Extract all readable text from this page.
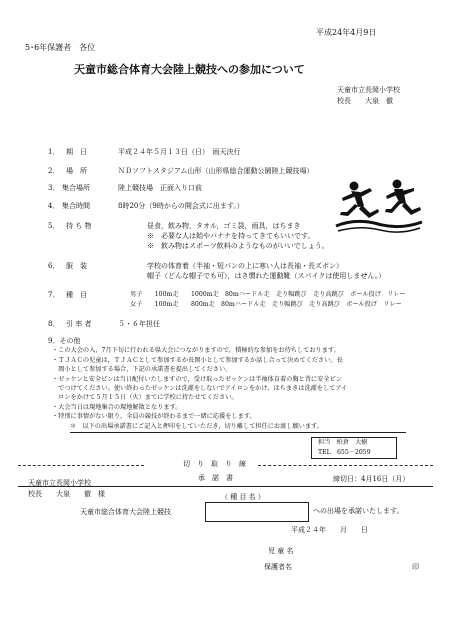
平成24年4月9日
5･6年保護者　各位
天童市総合体育大会陸上競技への参加について
天童市立長岡小学校
校長　　大泉　徹
1． 期　日	平成２４年５月１３日（日）　雨天決行
2． 場　所	ＮＤソフトスタジアム山形（山形県総合運動公園陸上競技場）
3． 集合場所	陸上競技場　正面入り口前
4． 集合時間	8時20分（9時からの開会式に出ます。）
5． 持 ち 物	昼食，飲み物，タオル，ゴミ袋，雨具，はちまき
※　必要な人は飴やバナナを持ってきてもいいです。
※　飲み物はスポーツ飲料のようなものがいいでしょう。
6． 服　装	学校の体育着（半袖・短パンの上に寒い人は長袖・長ズボン）
帽子（どんな帽子でも可），はき慣れた運動靴（スパイクは使用しません。）
7． 種　目	男子　　100m走　　1000m走　80mハードル走　走り幅跳び　走り高跳び　ボール投げ　リレー
女子　　100m走　　800m走　80mハードル走　走り幅跳び　走り高跳び　ボール投げ　リレー
8． 引 率 者	５・６年担任
9．その他
・この大会の入，7月下旬に行われる県大会につながりますので，積極的な参加をお待ちしております。
・ＴＪＡＣの児童は，ＴＪＡＣとして参加するか長岡小として参加するか話し合って決めてください。長
　岡小として参加する場合，下記の承諾書を提出してください。
・ゼッケンと安全ピンは当日配付いたしますので，受け取ったゼッケンは半袖体育着の胸と背に安全ピン
　でつけてください。使い終わったゼッケンは洗濯をしないでアイロンをかけ，はちまきは洗濯をしてアイ
　ロンをかけて５月１５日（火）までに学校に持たせてください。
・大会当日は現地集合の現地解散となります。
・特別に事情がない限り，全員の競技が終わるまで一緒に応援をします。
＊　以下の出場承諾書にご記入と押印をしていただき，切り離して担任にお渡し願います。
担当　柏倉　大樹
TEL　655－2059
切　り　取　り　線
承　諾　書	締切日：4月16日（月）
天童市立長岡小学校
校長　　大泉　　徹　様	（ 種 目 名 ）
天童市総合体育大会陸上競技	への出場を承諾いたします。
平成２４年　　月　　日
児 童 名
保護者名	印
